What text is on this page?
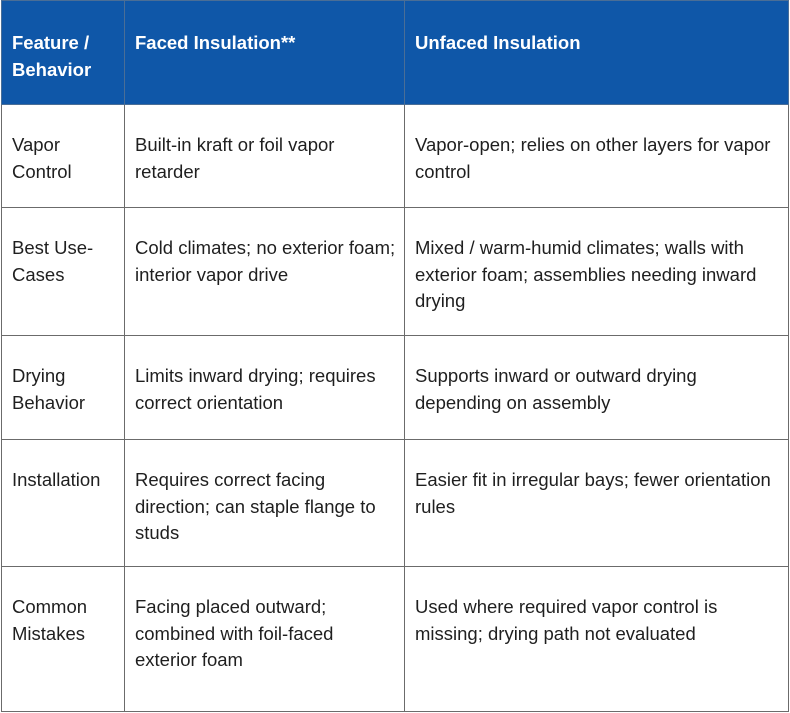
Feature / Behavior	Faced Insulation**	Unfaced Insulation
Vapor Control	Built-in kraft or foil vapor retarder	Vapor-open; relies on other layers for vapor control
Best Use-Cases	Cold climates; no exterior foam; interior vapor drive	Mixed / warm-humid climates; walls with exterior foam; assemblies needing inward drying
Drying Behavior	Limits inward drying; requires correct orientation	Supports inward or outward drying depending on assembly
Installation	Requires correct facing direction; can staple flange to studs	Easier fit in irregular bays; fewer orientation rules
Common Mistakes	Facing placed outward; combined with foil-faced exterior foam	Used where required vapor control is missing; drying path not evaluated
